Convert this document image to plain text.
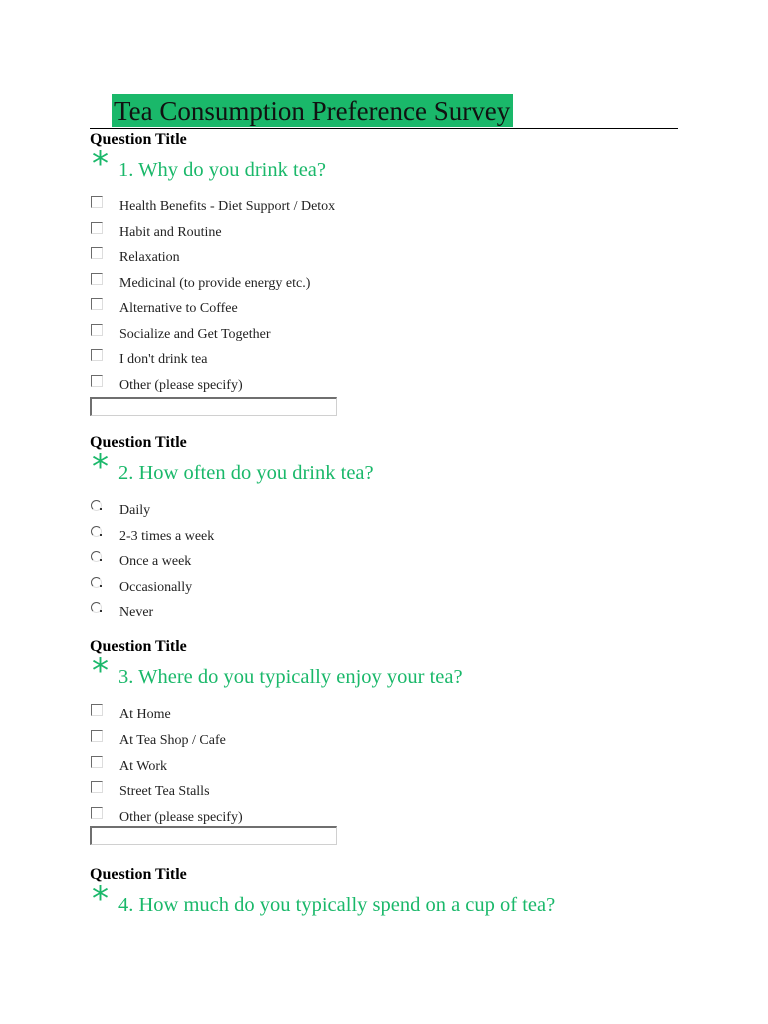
Tea Consumption Preference Survey
Question Title
* 1. Why do you drink tea?
Health Benefits - Diet Support / Detox
Habit and Routine
Relaxation
Medicinal (to provide energy etc.)
Alternative to Coffee
Socialize and Get Together
I don't drink tea
Other (please specify)
Question Title
* 2. How often do you drink tea?
Daily
2-3 times a week
Once a week
Occasionally
Never
Question Title
* 3. Where do you typically enjoy your tea?
At Home
At Tea Shop / Cafe
At Work
Street Tea Stalls
Other (please specify)
Question Title
* 4. How much do you typically spend on a cup of tea?
